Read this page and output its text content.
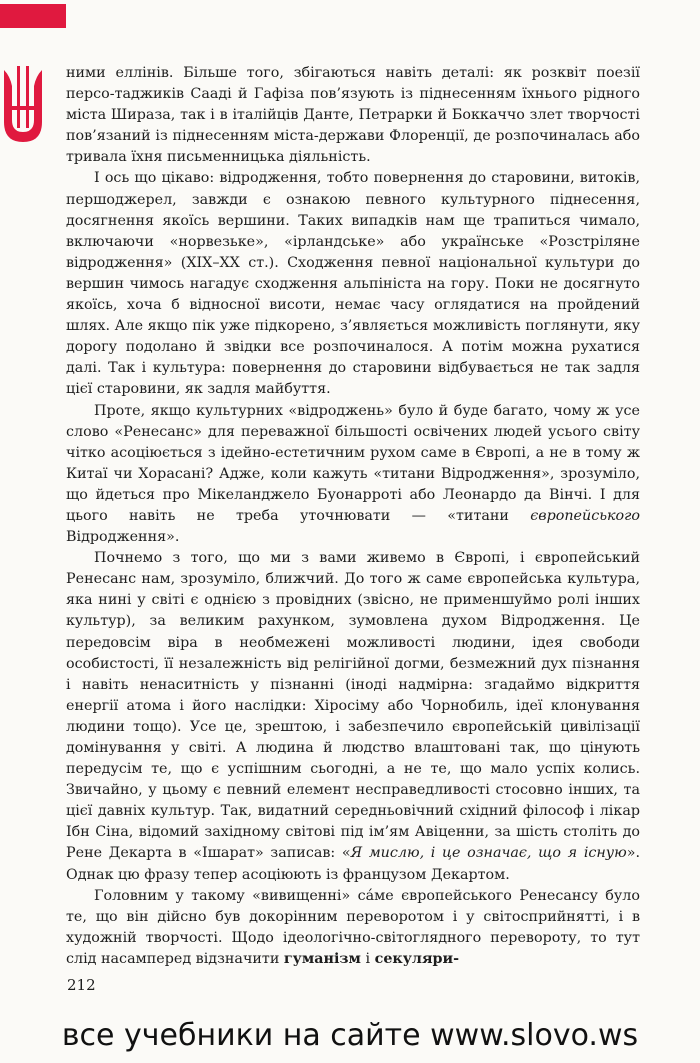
ними еллінів. Більше того, збігаються навіть деталі: як розквіт поезії персо-таджиків Сааді й Гафіза пов’язують із піднесенням їхнього рідного міста Шираза, так і в італійців Данте, Петрарки й Боккаччо злет творчості пов’язаний із піднесенням міста-держави Флоренції, де розпочиналась або тривала їхня письменницька діяльність.

І ось що цікаво: відродження, тобто повернення до старовини, витоків, першоджерел, завжди є ознакою певного культурного піднесення, досягнення якоїсь вершини. Таких випадків нам ще трапиться чимало, включаючи «норвезьке», «ірландське» або українське «Розстріляне відродження» (XIX–XX ст.). Сходження певної національної культури до вершин чимось нагадує сходження альпініста на гору. Поки не досягнуто якоїсь, хоча б відносної висоти, немає часу оглядатися на пройдений шлях. Але якщо пік уже підкорено, з’являється можливість поглянути, яку дорогу подолано й звідки все розпочиналося. А потім можна рухатися далі. Так і культура: повернення до старовини відбувається не так задля цієї старовини, як задля майбуття.

Проте, якщо культурних «відроджень» було й буде багато, чому ж усе слово «Ренесанс» для переважної більшості освічених людей усього світу чітко асоціюється з ідейно-естетичним рухом саме в Європі, а не в тому ж Китаї чи Хорасані? Адже, коли кажуть «титани Відродження», зрозуміло, що йдеться про Мікеланджело Буонарроті або Леонардо да Вінчі. І для цього навіть не треба уточнювати — «титани європейського Відродження».

Почнемо з того, що ми з вами живемо в Європі, і європейський Ренесанс нам, зрозуміло, ближчий. До того ж саме європейська культура, яка нині у світі є однією з провідних (звісно, не применшуймо ролі інших культур), за великим рахунком, зумовлена духом Відродження. Це передовсім віра в необмежені можливості людини, ідея свободи особистості, її незалежність від релігійної догми, безмежний дух пізнання і навіть ненаситність у пізнанні (іноді надмірна: згадаймо відкриття енергії атома і його наслідки: Хіросіму або Чорнобиль, ідеї клонування людини тощо). Усе це, зрештою, і забезпечило європейській цивілізації домінування у світі. А людина й людство влаштовані так, що цінують передусім те, що є успішним сьогодні, а не те, що мало успіх колись. Звичайно, у цьому є певний елемент несправедливості стосовно інших, та цієї давніх культур. Так, видатний середньовічний східний філософ і лікар Ібн Сіна, відомий західному світові під ім’ям Авіценни, за шість століть до Рене Декарта в «Ішарат» записав: «Я мислю, і це означає, що я існую». Однак цю фразу тепер асоціюють із французом Декартом.

Головним у такому «вивищенні» сáме європейського Ренесансу було те, що він дійсно був докорінним переворотом і у світосприйнятті, і в художній творчості. Щодо ідеологічно-світоглядного перевороту, то тут слід насамперед відзначити гуманізм і секуляри-

212
все учебники на сайте www.slovo.ws
